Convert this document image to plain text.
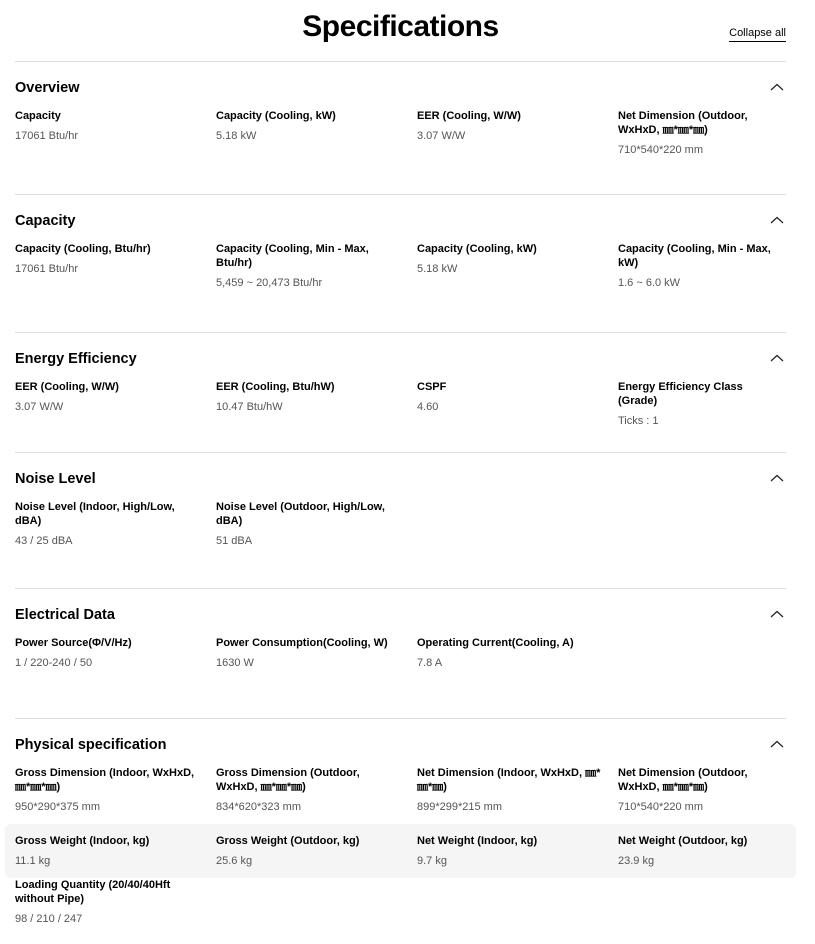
Specifications	Collapse all
Overview
Capacity
17061 Btu/hr
Capacity (Cooling, kW)
5.18 kW
EER (Cooling, W/W)
3.07 W/W
Net Dimension (Outdoor, WxHxD, ㎜*㎜*㎜)
710*540*220 mm
Capacity
Capacity (Cooling, Btu/hr)
17061 Btu/hr
Capacity (Cooling, Min - Max, Btu/hr)
5,459 ~ 20,473 Btu/hr
Capacity (Cooling, kW)
5.18 kW
Capacity (Cooling, Min - Max, kW)
1.6 ~ 6.0 kW
Energy Efficiency
EER (Cooling, W/W)
3.07 W/W
EER (Cooling, Btu/hW)
10.47 Btu/hW
CSPF
4.60
Energy Efficiency Class (Grade)
Ticks : 1
Noise Level
Noise Level (Indoor, High/Low, dBA)
43 / 25 dBA
Noise Level (Outdoor, High/Low, dBA)
51 dBA
Electrical Data
Power Source(Φ/V/Hz)
1 / 220-240 / 50
Power Consumption(Cooling, W)
1630 W
Operating Current(Cooling, A)
7.8 A
Physical specification
Gross Dimension (Indoor, WxHxD, ㎜*㎜*㎜)
950*290*375 mm
Gross Dimension (Outdoor, WxHxD, ㎜*㎜*㎜)
834*620*323 mm
Net Dimension (Indoor, WxHxD, ㎜*㎜*㎜)
899*299*215 mm
Net Dimension (Outdoor, WxHxD, ㎜*㎜*㎜)
710*540*220 mm
Gross Weight (Indoor, kg)
11.1 kg
Gross Weight (Outdoor, kg)
25.6 kg
Net Weight (Indoor, kg)
9.7 kg
Net Weight (Outdoor, kg)
23.9 kg
Loading Quantity (20/40/40Hft without Pipe)
98 / 210 / 247
